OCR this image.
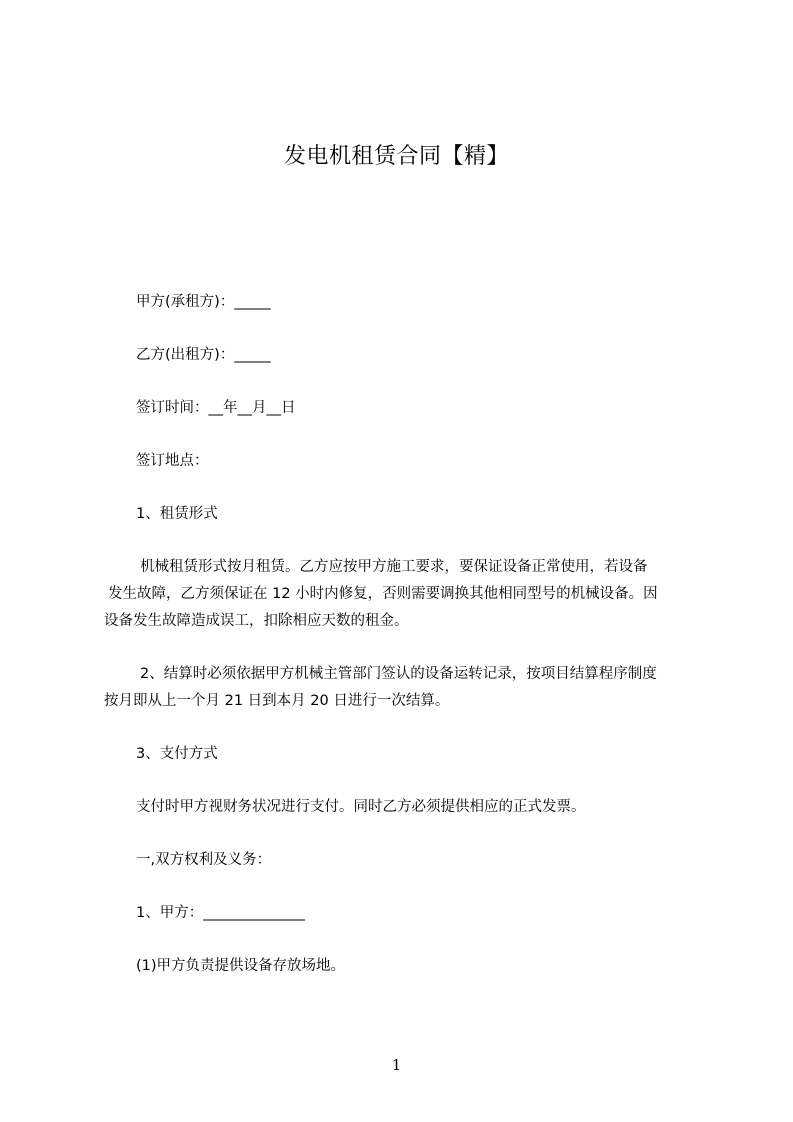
发电机租赁合同【精】
甲方(承租方)：_____
乙方(出租方)：_____
签订时间：__年__月__日
签订地点：
1、租赁形式
机械租赁形式按月租赁。乙方应按甲方施工要求，要保证设备正常使用，若设备
发生故障，乙方须保证在 12 小时内修复，否则需要调换其他相同型号的机械设备。因
设备发生故障造成误工，扣除相应天数的租金。
2、结算时必须依据甲方机械主管部门签认的设备运转记录，按项目结算程序制度
按月即从上一个月 21 日到本月 20 日进行一次结算。
3、支付方式
支付时甲方视财务状况进行支付。同时乙方必须提供相应的正式发票。
一,双方权利及义务：
1、甲方：______________
(1)甲方负责提供设备存放场地。
1
